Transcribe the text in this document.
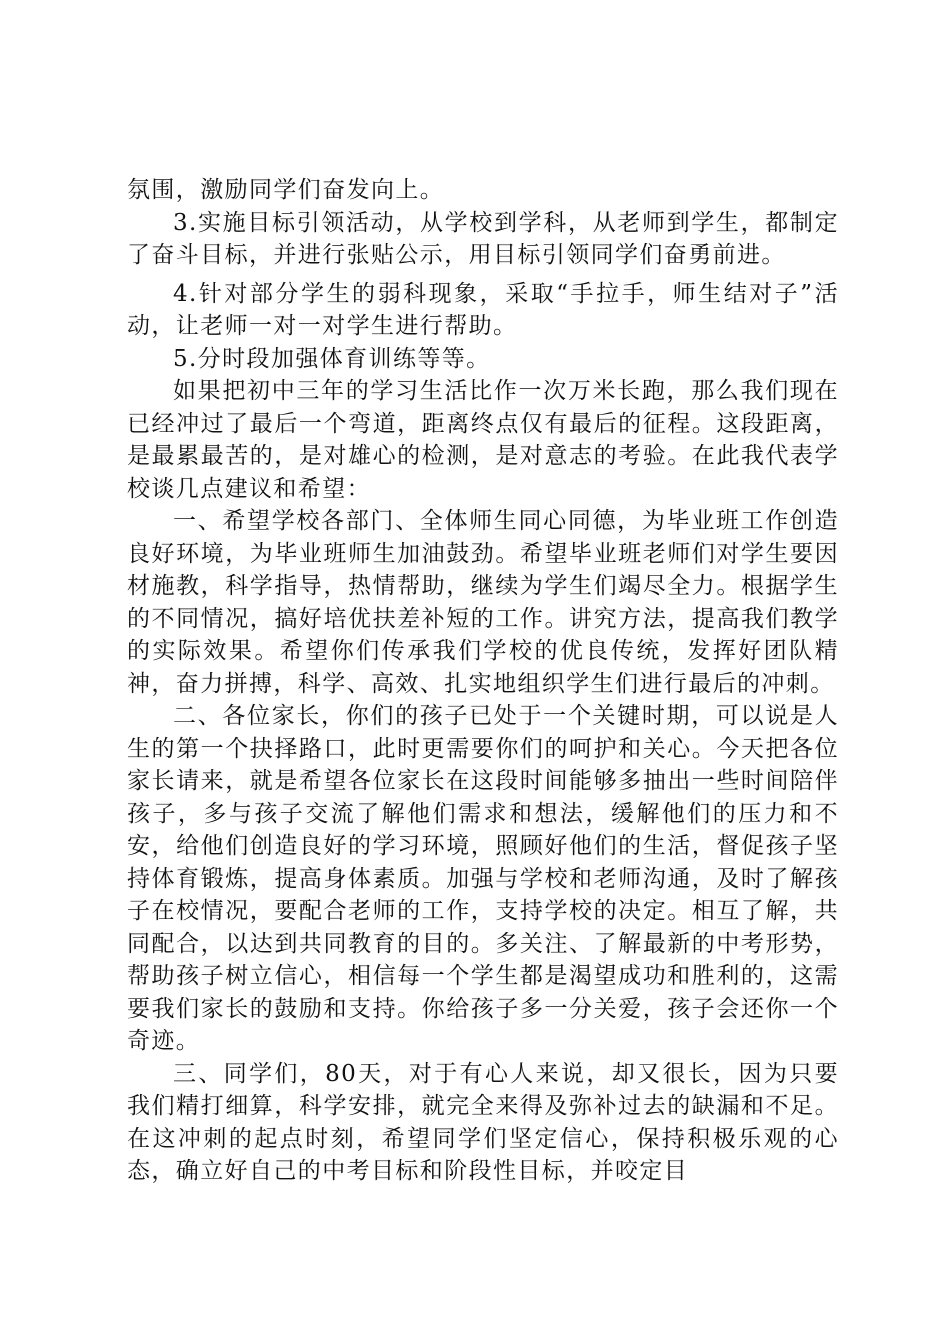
氛围，激励同学们奋发向上。

3.实施目标引领活动，从学校到学科，从老师到学生，都制定了奋斗目标，并进行张贴公示，用目标引领同学们奋勇前进。

4.针对部分学生的弱科现象，采取“手拉手，师生结对子”活动，让老师一对一对学生进行帮助。

5.分时段加强体育训练等等。

如果把初中三年的学习生活比作一次万米长跑，那么我们现在已经冲过了最后一个弯道，距离终点仅有最后的征程。这段距离，是最累最苦的，是对雄心的检测，是对意志的考验。在此我代表学校谈几点建议和希望：

一、希望学校各部门、全体师生同心同德，为毕业班工作创造良好环境，为毕业班师生加油鼓劲。希望毕业班老师们对学生要因材施教，科学指导，热情帮助，继续为学生们竭尽全力。根据学生的不同情况，搞好培优扶差补短的工作。讲究方法，提高我们教学的实际效果。希望你们传承我们学校的优良传统，发挥好团队精神，奋力拼搏，科学、高效、扎实地组织学生们进行最后的冲刺。

二、各位家长，你们的孩子已处于一个关键时期，可以说是人生的第一个抉择路口，此时更需要你们的呵护和关心。今天把各位家长请来，就是希望各位家长在这段时间能够多抽出一些时间陪伴孩子，多与孩子交流了解他们需求和想法，缓解他们的压力和不安，给他们创造良好的学习环境，照顾好他们的生活，督促孩子坚持体育锻炼，提高身体素质。加强与学校和老师沟通，及时了解孩子在校情况，要配合老师的工作，支持学校的决定。相互了解，共同配合，以达到共同教育的目的。多关注、了解最新的中考形势，帮助孩子树立信心，相信每一个学生都是渴望成功和胜利的，这需要我们家长的鼓励和支持。你给孩子多一分关爱，孩子会还你一个奇迹。

三、同学们，80天，对于有心人来说，却又很长，因为只要我们精打细算，科学安排，就完全来得及弥补过去的缺漏和不足。在这冲刺的起点时刻，希望同学们坚定信心，保持积极乐观的心态，确立好自己的中考目标和阶段性目标，并咬定目
